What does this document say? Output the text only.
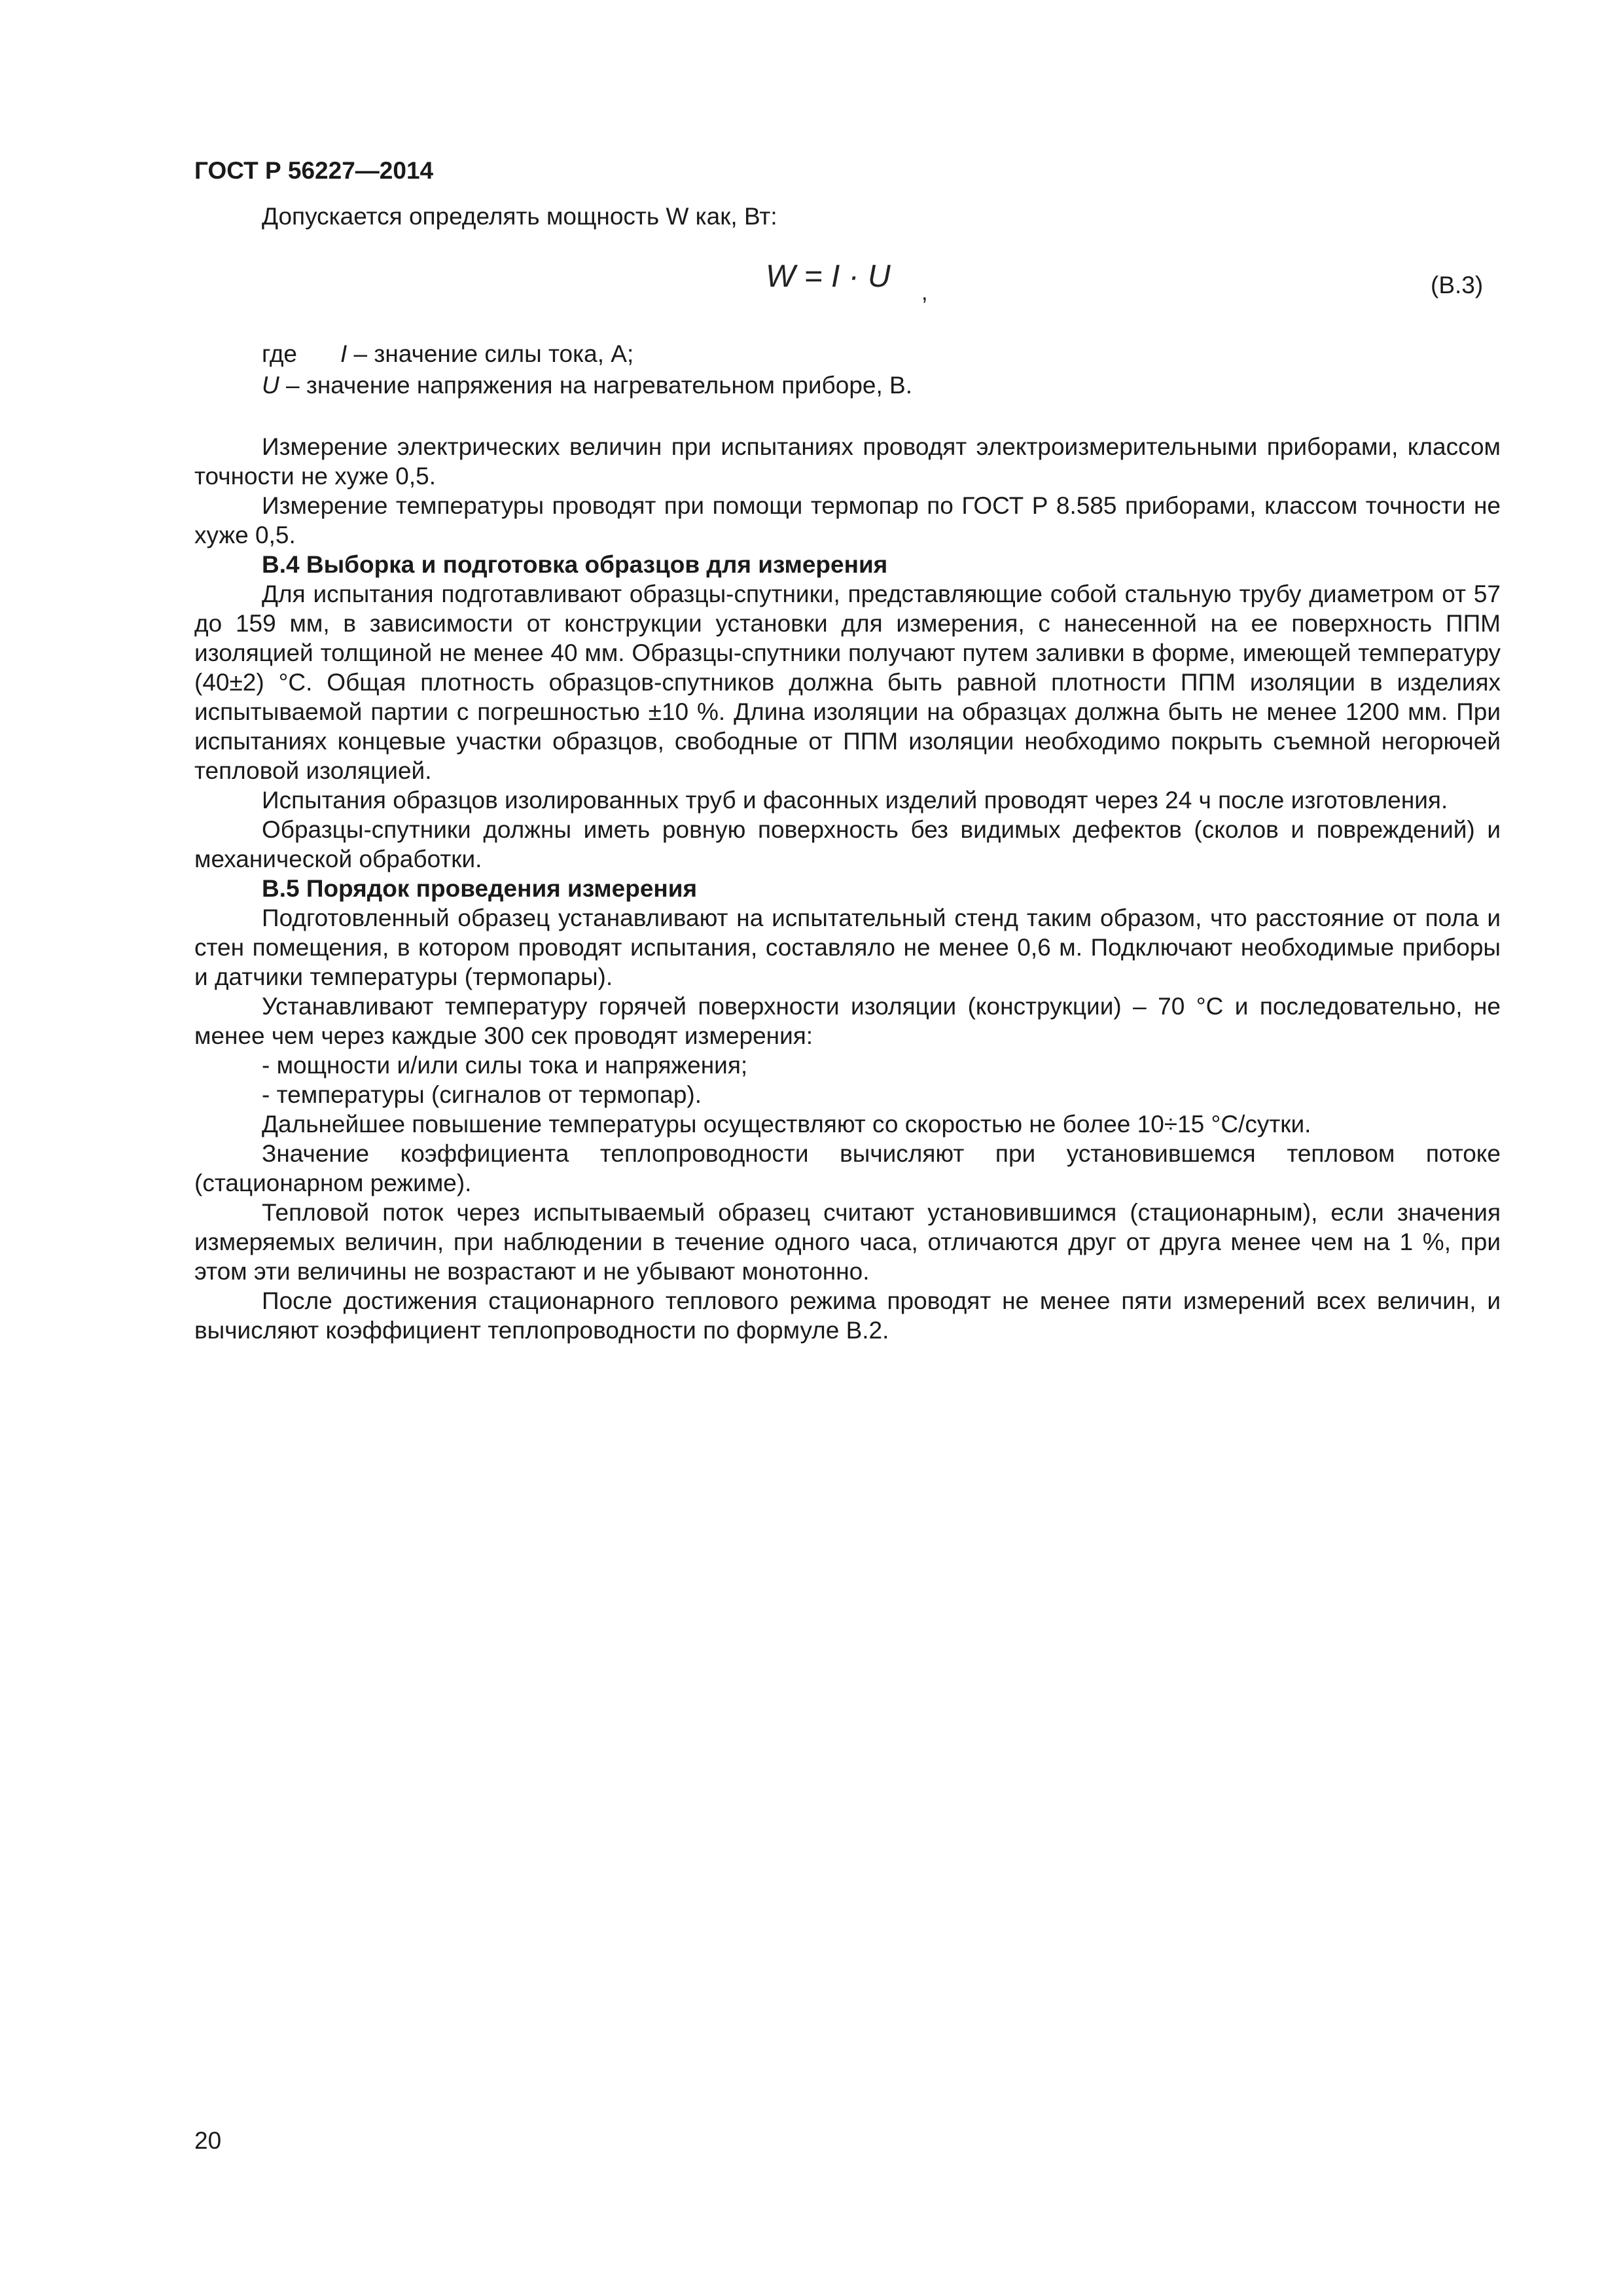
ГОСТ Р 56227—2014
Допускается определять мощность W как, Вт:
W = I · U ,	(В.3)
где I – значение силы тока, А;
U – значение напряжения на нагревательном приборе, В.

Измерение электрических величин при испытаниях проводят электроизмерительными приборами, классом точности не хуже 0,5.

Измерение температуры проводят при помощи термопар по ГОСТ Р 8.585 приборами, классом точности не хуже 0,5.

В.4 Выборка и подготовка образцов для измерения

Для испытания подготавливают образцы-спутники, представляющие собой стальную трубу диаметром от 57 до 159 мм, в зависимости от конструкции установки для измерения, с нанесенной на ее поверхность ППМ изоляцией толщиной не менее 40 мм. Образцы-спутники получают путем заливки в форме, имеющей температуру (40±2) °С. Общая плотность образцов-спутников должна быть равной плотности ППМ изоляции в изделиях испытываемой партии с погрешностью ±10 %. Длина изоляции на образцах должна быть не менее 1200 мм. При испытаниях концевые участки образцов, свободные от ППМ изоляции необходимо покрыть съемной негорючей тепловой изоляцией.

Испытания образцов изолированных труб и фасонных изделий проводят через 24 ч после изготовления.

Образцы-спутники должны иметь ровную поверхность без видимых дефектов (сколов и повреждений) и механической обработки.

В.5 Порядок проведения измерения

Подготовленный образец устанавливают на испытательный стенд таким образом, что расстояние от пола и стен помещения, в котором проводят испытания, составляло не менее 0,6 м. Подключают необходимые приборы и датчики температуры (термопары).

Устанавливают температуру горячей поверхности изоляции (конструкции) – 70 °С и последовательно, не менее чем через каждые 300 сек проводят измерения:

- мощности и/или силы тока и напряжения;

- температуры (сигналов от термопар).

Дальнейшее повышение температуры осуществляют со скоростью не более 10÷15 °С/сутки.

Значение коэффициента теплопроводности вычисляют при установившемся тепловом потоке (стационарном режиме).

Тепловой поток через испытываемый образец считают установившимся (стационарным), если значения измеряемых величин, при наблюдении в течение одного часа, отличаются друг от друга менее чем на 1 %, при этом эти величины не возрастают и не убывают монотонно.

После достижения стационарного теплового режима проводят не менее пяти измерений всех величин, и вычисляют коэффициент теплопроводности по формуле В.2.

20
